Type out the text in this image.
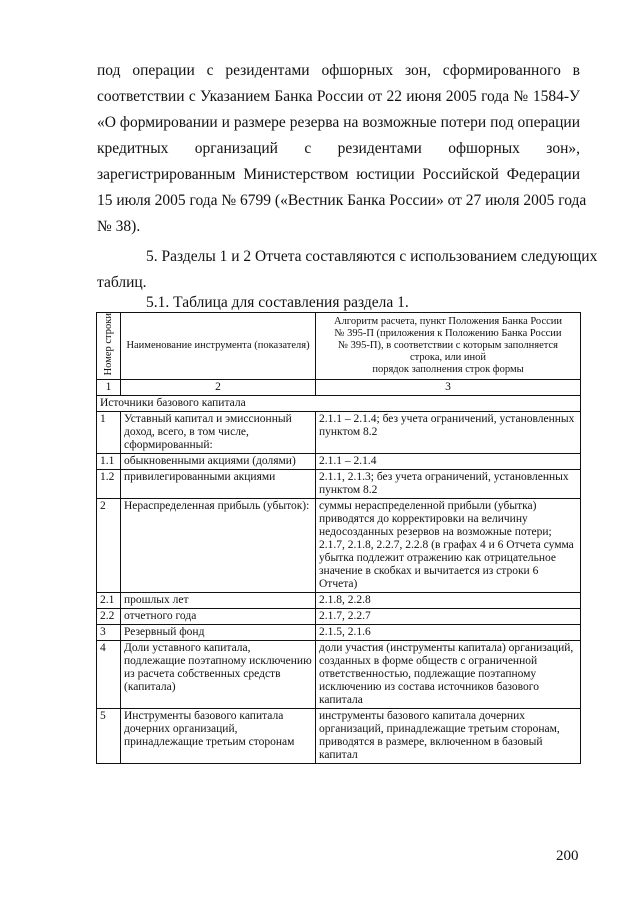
под операции с резидентами офшорных зон, сформированного в
соответствии с Указанием Банка России от 22 июня 2005 года № 1584-У
«О формировании и размере резерва на возможные потери под операции
кредитных организаций с резидентами офшорных зон»,
зарегистрированным Министерством юстиции Российской Федерации
15 июля 2005 года № 6799 («Вестник Банка России» от 27 июля 2005 года
№ 38).
5. Разделы 1 и 2 Отчета составляются с использованием следующих
таблиц.
5.1. Таблица для составления раздела 1.
Номер строки	Наименование инструмента (показателя)	Алгоритм расчета, пункт Положения Банка России
№ 395-П (приложения к Положению Банка России
№ 395-П), в соответствии с которым заполняется
строка, или иной
порядок заполнения строк формы

1	2	3
Источники базового капитала		
1	Уставный капитал и эмиссионный доход, всего, в том числе, сформированный:	2.1.1 – 2.1.4; без учета ограничений, установленных пунктом 8.2
1.1	обыкновенными акциями (долями)	2.1.1 – 2.1.4
1.2	привилегированными акциями	2.1.1, 2.1.3; без учета ограничений, установленных пунктом 8.2
2	Нераспределенная прибыль (убыток):	суммы нераспределенной прибыли (убытка) приводятся до корректировки на величину недосозданных резервов на возможные потери; 2.1.7, 2.1.8, 2.2.7, 2.2.8 (в графах 4 и 6 Отчета сумма убытка подлежит отражению как отрицательное значение в скобках и вычитается из строки 6 Отчета)
2.1	прошлых лет	2.1.8, 2.2.8
2.2	отчетного года	2.1.7, 2.2.7
3	Резервный фонд	2.1.5, 2.1.6
4	Доли уставного капитала, подлежащие поэтапному исключению из расчета собственных средств (капитала)	доли участия (инструменты капитала) организаций, созданных в форме обществ с ограниченной ответственностью, подлежащие поэтапному исключению из состава источников базового капитала
5	Инструменты базового капитала дочерних организаций, принадлежащие третьим сторонам	инструменты базового капитала дочерних организаций, принадлежащие третьим сторонам, приводятся в размере, включенном в базовый капитал
200
